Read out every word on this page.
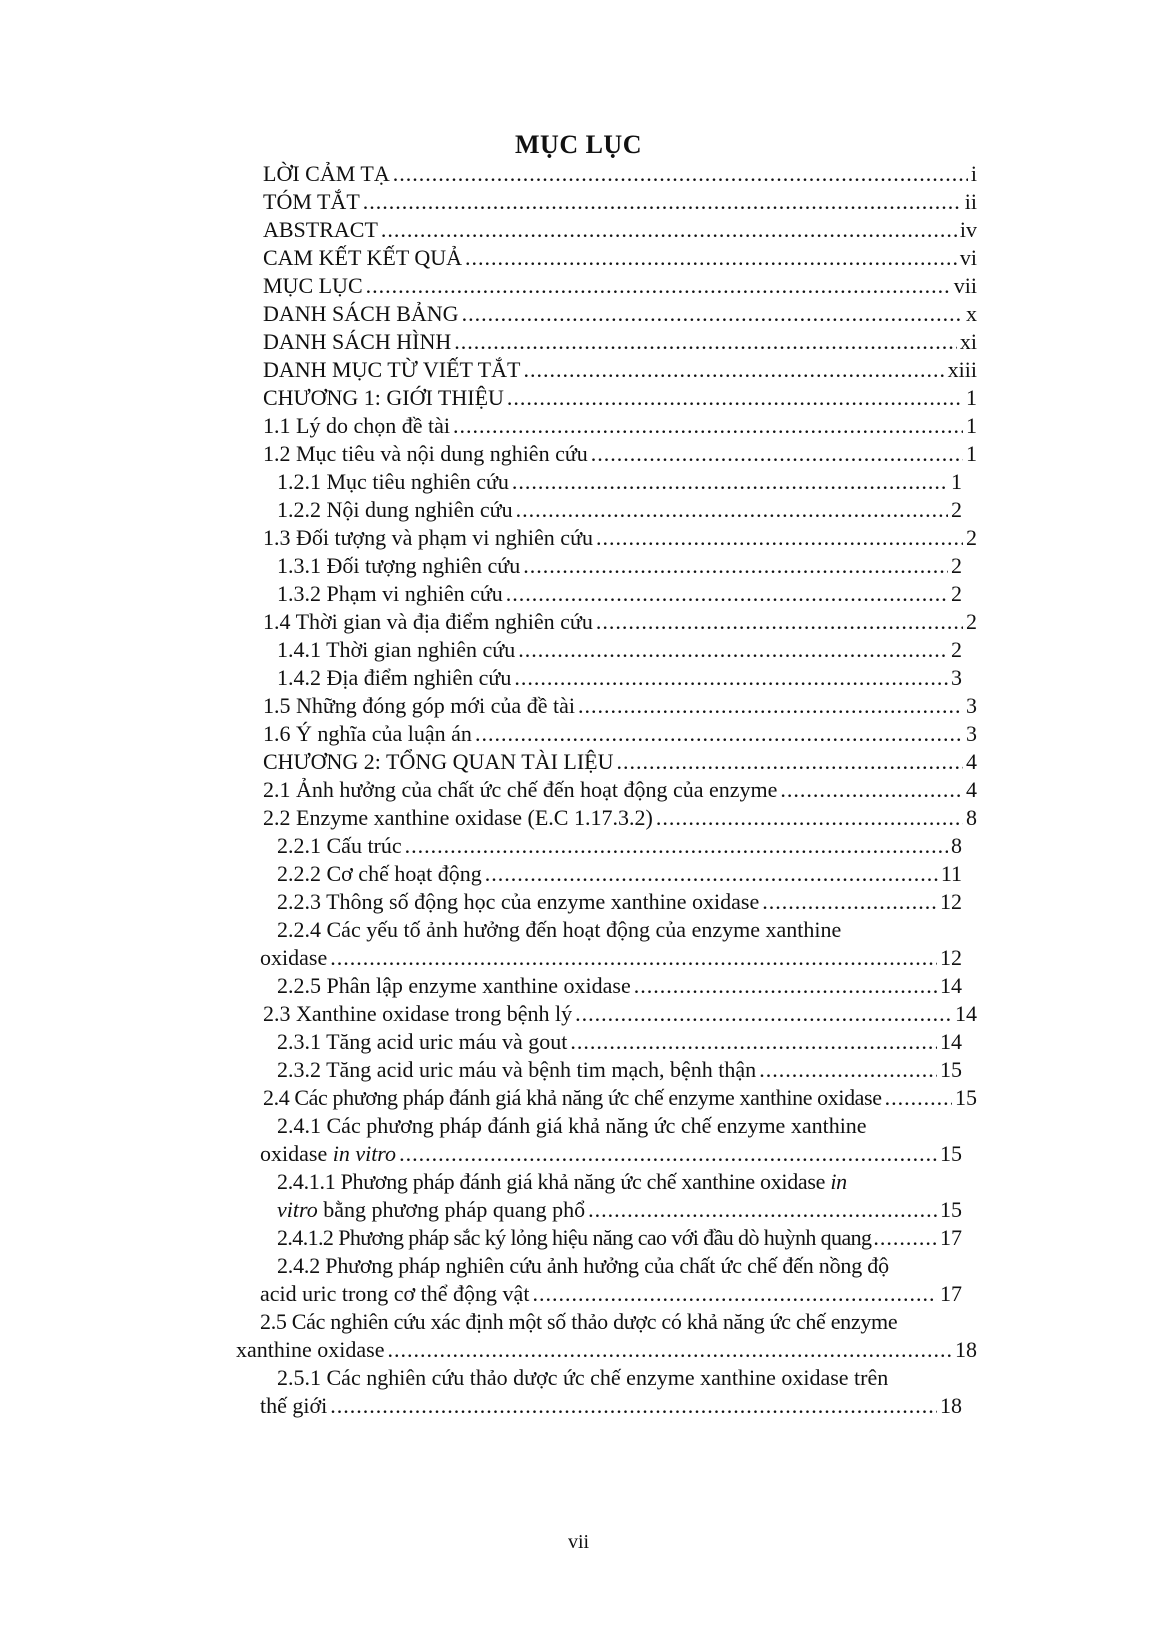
MỤC LỤC
LỜI CẢM TẠ .....	i
TÓM TẮT .....	ii
ABSTRACT .....	iv
CAM KẾT KẾT QUẢ .....	vi
MỤC LỤC .....	vii
DANH SÁCH BẢNG .....	x
DANH SÁCH HÌNH .....	xi
DANH MỤC TỪ VIẾT TẮT .....	xiii
CHƯƠNG 1: GIỚI THIỆU .....	1
1.1 Lý do chọn đề tài .....	1
1.2 Mục tiêu và nội dung nghiên cứu .....	1
1.2.1 Mục tiêu nghiên cứu .....	1
1.2.2 Nội dung nghiên cứu .....	2
1.3 Đối tượng và phạm vi nghiên cứu .....	2
1.3.1 Đối tượng nghiên cứu .....	2
1.3.2 Phạm vi nghiên cứu .....	2
1.4 Thời gian và địa điểm nghiên cứu .....	2
1.4.1 Thời gian nghiên cứu .....	2
1.4.2 Địa điểm nghiên cứu .....	3
1.5 Những đóng góp mới của đề tài .....	3
1.6 Ý nghĩa của luận án .....	3
CHƯƠNG 2: TỔNG QUAN TÀI LIỆU .....	4
2.1 Ảnh hưởng của chất ức chế đến hoạt động của enzyme .....	4
2.2 Enzyme xanthine oxidase (E.C 1.17.3.2) .....	8
2.2.1 Cấu trúc .....	8
2.2.2 Cơ chế hoạt động .....	11
2.2.3 Thông số động học của enzyme xanthine oxidase .....	12
2.2.4 Các yếu tố ảnh hưởng đến hoạt động của enzyme xanthine
oxidase .....	12
2.2.5 Phân lập enzyme xanthine oxidase .....	14
2.3 Xanthine oxidase trong bệnh lý .....	14
2.3.1 Tăng acid uric máu và gout .....	14
2.3.2 Tăng acid uric máu và bệnh tim mạch, bệnh thận .....	15
2.4 Các phương pháp đánh giá khả năng ức chế enzyme xanthine oxidase .....	15
2.4.1 Các phương pháp đánh giá khả năng ức chế enzyme xanthine
oxidase in vitro .....	15
2.4.1.1 Phương pháp đánh giá khả năng ức chế xanthine oxidase in
vitro bằng phương pháp quang phổ .....	15
2.4.1.2 Phương pháp sắc ký lỏng hiệu năng cao với đầu dò huỳnh quang .....	17
2.4.2 Phương pháp nghiên cứu ảnh hưởng của chất ức chế đến nồng độ
acid uric trong cơ thể động vật .....	17
2.5 Các nghiên cứu xác định một số thảo dược có khả năng ức chế enzyme
xanthine oxidase .....	18
2.5.1 Các nghiên cứu thảo dược ức chế enzyme xanthine oxidase trên
thế giới .....	18
vii
